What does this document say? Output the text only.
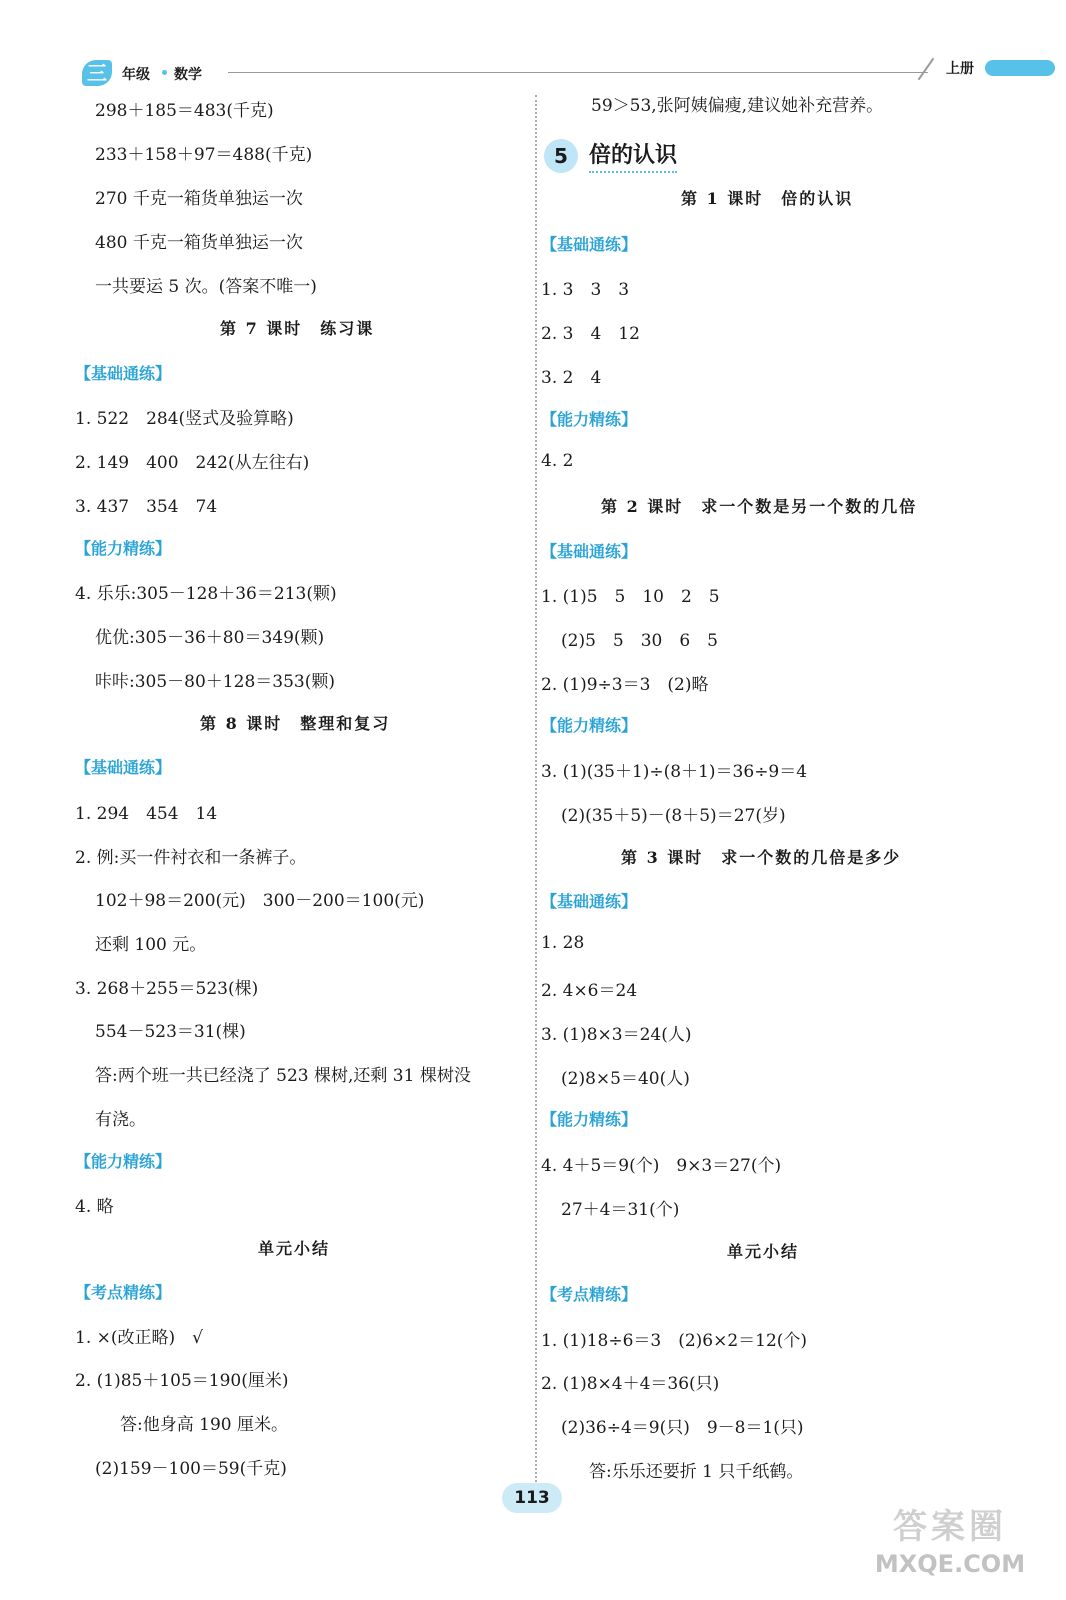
三	年级 数学	上册
298＋185＝483(千克)
233＋158＋97＝488(千克)
270 千克一箱货单独运一次
480 千克一箱货单独运一次
一共要运 5 次。(答案不唯一)
第 7 课时　练习课
【基础通练】
1. 522　284(竖式及验算略)
2. 149　400　242(从左往右)
3. 437　354　74
【能力精练】
4. 乐乐:305－128＋36＝213(颗)
优优:305－36＋80＝349(颗)
咔咔:305－80＋128＝353(颗)
第 8 课时　整理和复习
【基础通练】
1. 294　454　14
2. 例:买一件衬衣和一条裤子。
102＋98＝200(元)　300－200＝100(元)
还剩 100 元。
3. 268＋255＝523(棵)
554－523＝31(棵)
答:两个班一共已经浇了 523 棵树,还剩 31 棵树没
有浇。
【能力精练】
4. 略
单元小结
【考点精练】
1. ×(改正略)　√
2. (1)85＋105＝190(厘米)
答:他身高 190 厘米。
(2)159－100＝59(千克)
59＞53,张阿姨偏瘦,建议她补充营养。
5 倍的认识
第 1 课时　倍的认识
【基础通练】
1. 3　3　3
2. 3　4　12
3. 2　4
【能力精练】
4. 2
第 2 课时　求一个数是另一个数的几倍
【基础通练】
1. (1)5　5　10　2　5
(2)5　5　30　6　5
2. (1)9÷3＝3　(2)略
【能力精练】
3. (1)(35＋1)÷(8＋1)＝36÷9＝4
(2)(35＋5)－(8＋5)＝27(岁)
第 3 课时　求一个数的几倍是多少
【基础通练】
1. 28
2. 4×6＝24
3. (1)8×3＝24(人)
(2)8×5＝40(人)
【能力精练】
4. 4＋5＝9(个)　9×3＝27(个)
27＋4＝31(个)
单元小结
【考点精练】
1. (1)18÷6＝3　(2)6×2＝12(个)
2. (1)8×4＋4＝36(只)
(2)36÷4＝9(只)　9－8＝1(只)
答:乐乐还要折 1 只千纸鹤。
113
答案圈
MXQE.COM
